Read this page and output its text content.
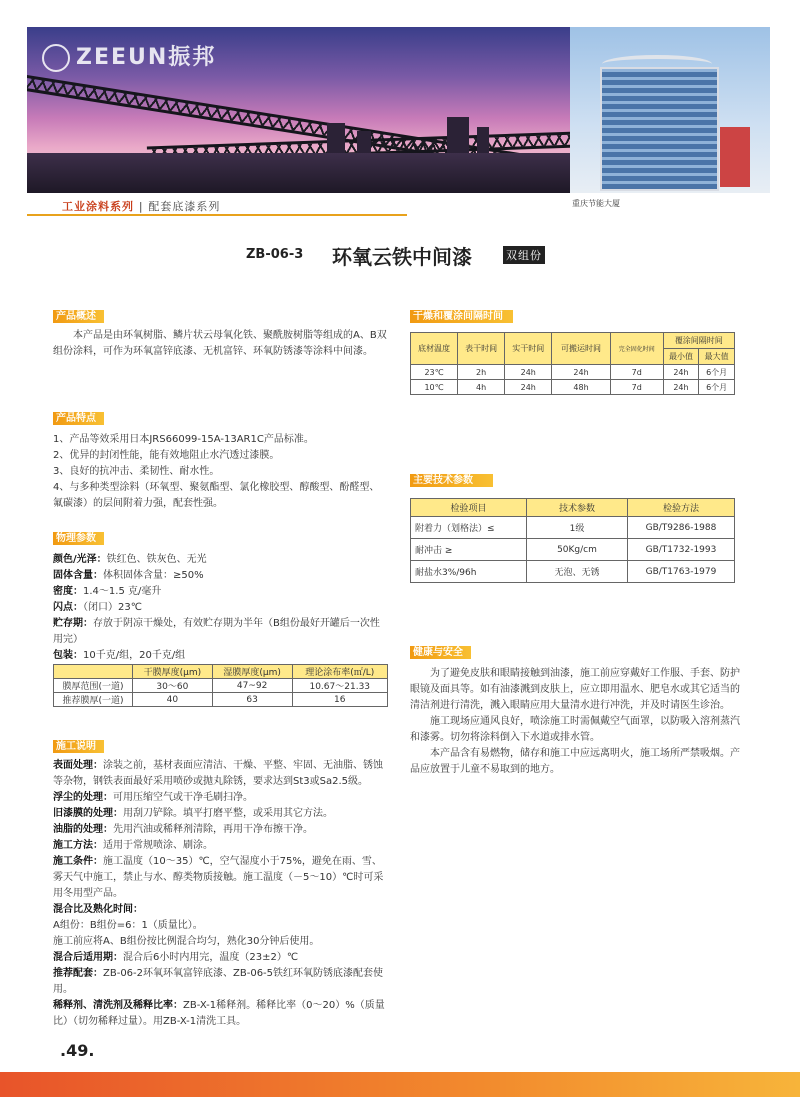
ZEEUN振邦
重庆节能大厦
工业涂料系列 | 配套底漆系列
ZB-06-3 环氧云铁中间漆	双组份
产品概述
本产品是由环氧树脂、鳞片状云母氧化铁、聚酰胺树脂等组成的A、B双组份涂料，可作为环氧富锌底漆、无机富锌、环氧防锈漆等涂料中间漆。
产品特点

1、产品等效采用日本JRS66099-15A-13AR1C产品标准。

2、优异的封闭性能，能有效地阻止水汽透过漆膜。

3、良好的抗冲击、柔韧性、耐水性。

4、与多种类型涂料（环氧型、聚氨酯型、氯化橡胶型、醇酸型、酚醛型、氟碳漆）的层间附着力强，配套性强。

物理参数

颜色/光泽：铁红色、铁灰色、无光

固体含量：体积固体含量：≥50%

密度：1.4～1.5 克/毫升

闪点：（闭口）23℃

贮存期：存放于阴凉干燥处，有效贮存期为半年（B组份最好开罐后一次性用完）

包装：10千克/组，20千克/组

	干膜厚度(μm)	湿膜厚度(μm)	理论涂布率(㎡/L)
膜厚范围(一道)	30～60	47~92	10.67～21.33
推荐膜厚(一道)	40	63	16
施工说明

表面处理：涂装之前，基材表面应清洁、干燥、平整、牢固、无油脂、锈蚀等杂物，钢铁表面最好采用喷砂或抛丸除锈，要求达到St3或Sa2.5级。

浮尘的处理：可用压缩空气或干净毛刷扫净。

旧漆膜的处理：用刮刀铲除。填平打磨平整，或采用其它方法。

油脂的处理：先用汽油或稀释剂清除，再用干净布擦干净。

施工方法：适用于常规喷涂、刷涂。

施工条件：施工温度（10～35）℃，空气湿度小于75%，避免在雨、雪、雾天气中施工，禁止与水、醇类物质接触。施工温度（－5～10）℃时可采用冬用型产品。

混合比及熟化时间：

A组份：B组份=6：1（质量比）。

施工前应将A、B组份按比例混合均匀，熟化30分钟后使用。

混合后适用期：混合后6小时内用完，温度（23±2）℃

推荐配套：ZB-06-2环氧环氧富锌底漆、ZB-06-5铁红环氧防锈底漆配套使用。

稀释剂、清洗剂及稀释比率：ZB-X-1稀释剂。稀释比率（0～20）%（质量比）（切勿稀释过量）。用ZB-X-1清洗工具。

干燥和覆涂间隔时间
底材温度	表干时间	实干时间	可搬运时间	完全固化时间	覆涂间隔时间	
					最小值	最大值
23℃	2h	24h	24h	7d	24h	6个月
10℃	4h	24h	48h	7d	24h	6个月
主要技术参数
检验项目	技术参数	检验方法
附着力（划格法）≤	1级	GB/T9286-1988
耐冲击 ≥	50Kg/cm	GB/T1732-1993
耐盐水3%/96h	无泡、无锈	GB/T1763-1979
健康与安全

为了避免皮肤和眼睛接触到油漆，施工前应穿戴好工作服、手套、防护眼镜及面具等。如有油漆溅到皮肤上，应立即用温水、肥皂水或其它适当的清洁剂进行清洗，溅入眼睛应用大量清水进行冲洗，并及时请医生诊治。

施工现场应通风良好，喷涂施工时需佩戴空气面罩，以防吸入溶剂蒸汽和漆雾。切勿将涂料倒入下水道或排水管。

本产品含有易燃物，储存和施工中应远离明火，施工场所严禁吸烟。产品应放置于儿童不易取到的地方。

.49.
